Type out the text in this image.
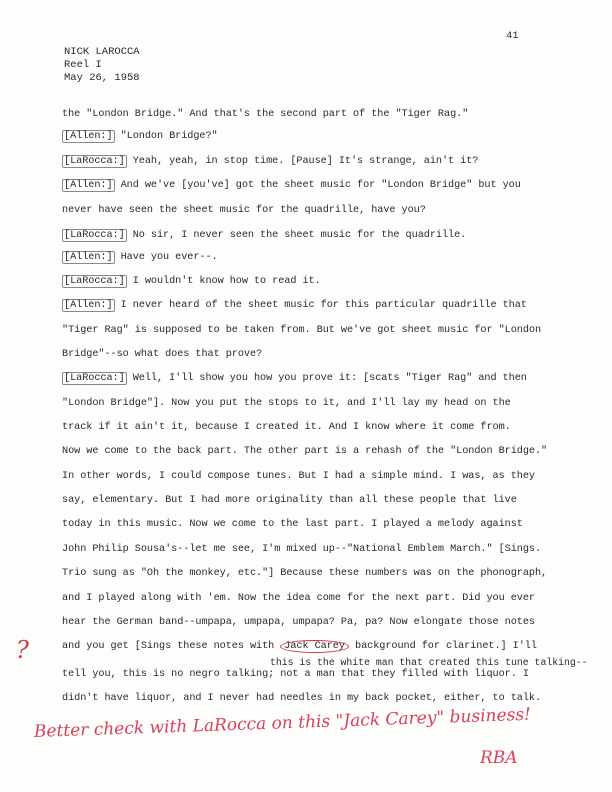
41
NICK LAROCCA
Reel I
May 26, 1958
the "London Bridge." And that's the second part of the "Tiger Rag."
[Allen:] "London Bridge?"
[LaRocca:] Yeah, yeah, in stop time. [Pause] It's strange, ain't it?
[Allen:] And we've [you've] got the sheet music for "London Bridge" but you
never have seen the sheet music for the quadrille, have you?
[LaRocca:] No sir, I never seen the sheet music for the quadrille.
[Allen:] Have you ever--.
[LaRocca:] I wouldn't know how to read it.
[Allen:] I never heard of the sheet music for this particular quadrille that
"Tiger Rag" is supposed to be taken from. But we've got sheet music for "London
Bridge"--so what does that prove?
[LaRocca:] Well, I'll show you how you prove it: [scats "Tiger Rag" and then
"London Bridge"]. Now you put the stops to it, and I'll lay my head on the
track if it ain't it, because I created it. And I know where it come from.
Now we come to the back part. The other part is a rehash of the "London Bridge."
In other words, I could compose tunes. But I had a simple mind. I was, as they
say, elementary. But I had more originality than all these people that live
today in this music. Now we come to the last part. I played a melody against
John Philip Sousa's--let me see, I'm mixed up--"National Emblem March." [Sings.
Trio sung as "Oh the monkey, etc."] Because these numbers was on the phonograph,
and I played along with 'em. Now the idea come for the next part. Did you ever
hear the German band--umpapa, umpapa, umpapa? Pa, pa? Now elongate those notes
and you get [Sings these notes with Jack Carey background for clarinet.] I'll
this is the white man that created this tune talking--
tell you, this is no negro talking; not a man that they filled with liquor. I
didn't have liquor, and I never had needles in my back pocket, either, to talk.
?
Better check with LaRocca on this "Jack Carey" business!
RBA
